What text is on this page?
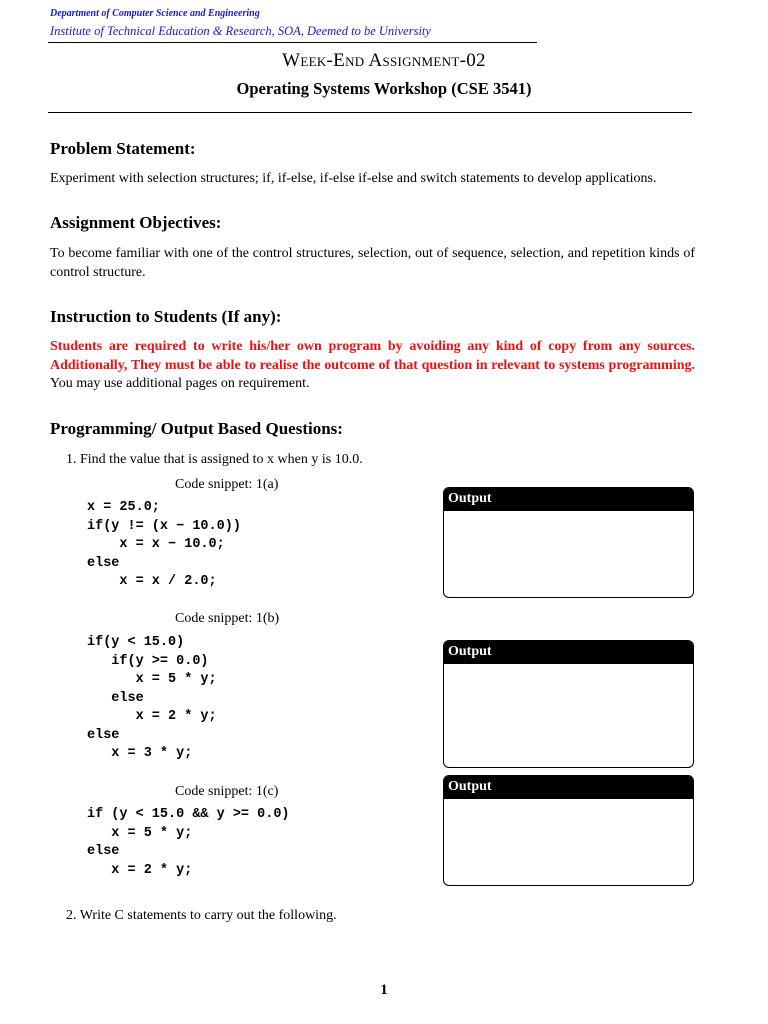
Department of Computer Science and Engineering
Institute of Technical Education & Research, SOA, Deemed to be University
Week-End Assignment-02
Operating Systems Workshop (CSE 3541)
Problem Statement:
Experiment with selection structures; if, if-else, if-else if-else and switch statements to develop applications.
Assignment Objectives:
To become familiar with one of the control structures, selection, out of sequence, selection, and repetition kinds of control structure.
Instruction to Students (If any):
Students are required to write his/her own program by avoiding any kind of copy from any sources. Additionally, They must be able to realise the outcome of that question in relevant to systems programming. You may use additional pages on requirement.
Programming/ Output Based Questions:
1. Find the value that is assigned to x when y is 10.0.
Code snippet: 1(a)
x = 25.0;
if(y != (x − 10.0))
x = x − 10.0;
else
x = x / 2.0;
Output
Code snippet: 1(b)
if(y < 15.0)
if(y >= 0.0)
x = 5 * y;
else
x = 2 * y;
else
x = 3 * y;
Output
Code snippet: 1(c)
if (y < 15.0 && y >= 0.0)
x = 5 * y;
else
x = 2 * y;
Output
2. Write C statements to carry out the following.
1
